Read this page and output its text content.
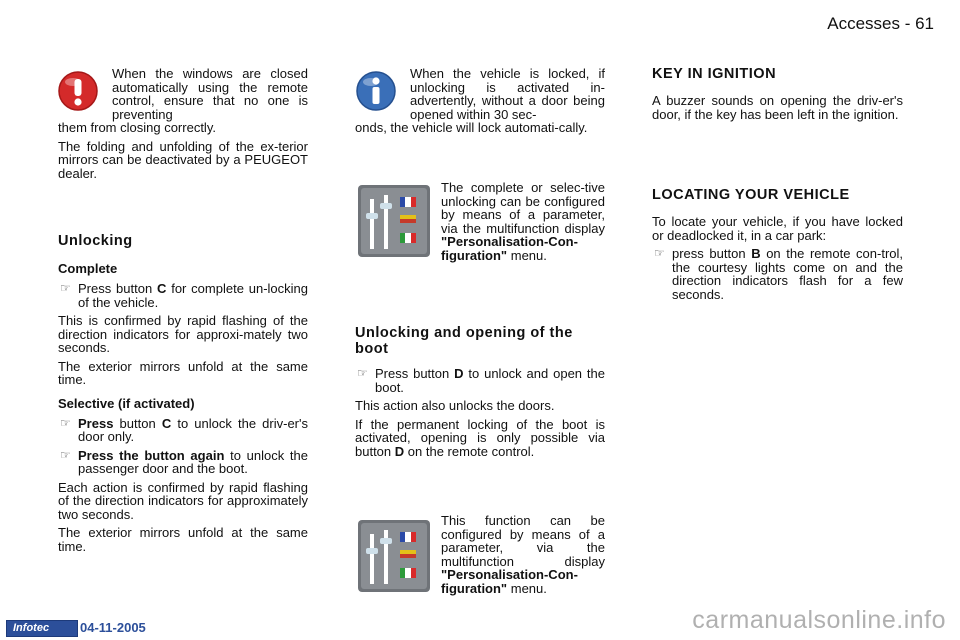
Accesses - 61

When the windows are closed automatically using the remote control, ensure that no one is preventing

them from closing correctly.

The folding and unfolding of the ex-terior mirrors can be deactivated by a PEUGEOT dealer.

Unlocking

Complete

☞ Press button C for complete un-locking of the vehicle.

This is confirmed by rapid flashing of the direction indicators for approxi-mately two seconds.

The exterior mirrors unfold at the same time.

Selective (if activated)

☞ Press button C to unlock the driv-er's door only.
☞ Press the button again to unlock the passenger door and the boot.

Each action is confirmed by rapid flashing of the direction indicators for approximately two seconds.

The exterior mirrors unfold at the same time.

When the vehicle is locked, if unlocking is activated in-advertently, without a door being opened within 30 sec-

onds, the vehicle will lock automati-cally.

The complete or selec-tive unlocking can be configured by means of a parameter, via the multifunction display "Personalisation-Con-figuration" menu.

Unlocking and opening of the boot

☞ Press button D to unlock and open the boot.

This action also unlocks the doors.

If the permanent locking of the boot is activated, opening is only possible via button D on the remote control.

This function can be configured by means of a parameter, via the multifunction display "Personalisation-Con-figuration" menu.

KEY IN IGNITION

A buzzer sounds on opening the driv-er's door, if the key has been left in the ignition.

LOCATING YOUR VEHICLE

To locate your vehicle, if you have locked or deadlocked it, in a car park:

☞ press button B on the remote con-trol, the courtesy lights come on and the direction indicators flash for a few seconds.
Infotec	04-11-2005	carmanualsonline.info
